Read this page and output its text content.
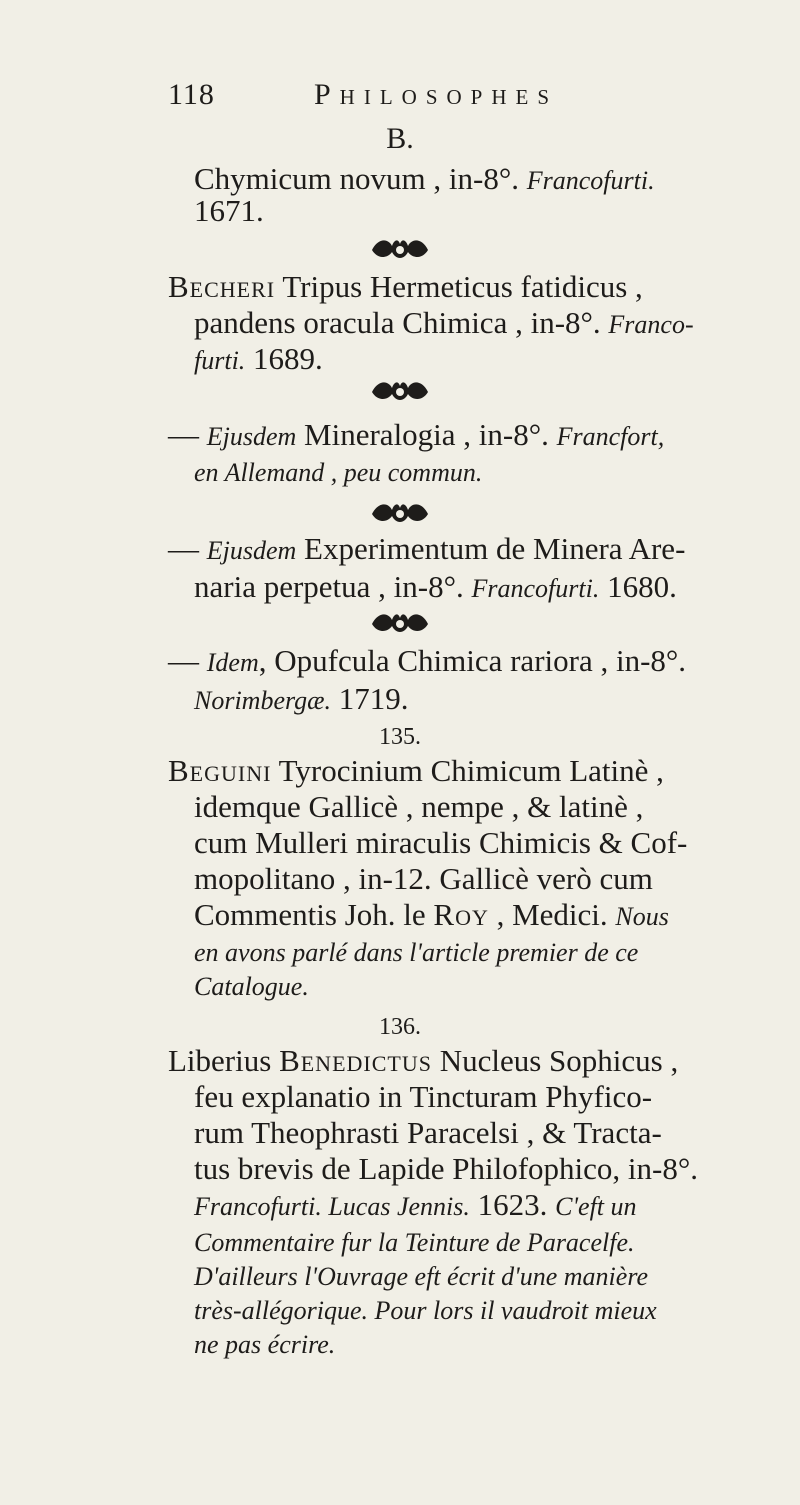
118	Philosophes
B.
Chymicum novum , in-8°. Francofurti.
1671.
Becheri Tripus Hermeticus fatidicus ,
pandens oracula Chimica , in-8°. Franco-
furti. 1689.
— Ejusdem Mineralogia , in-8°. Francfort,
en Allemand , peu commun.
— Ejusdem Experimentum de Minera Are-
naria perpetua , in-8°. Francofurti. 1680.
— Idem, Opufcula Chimica rariora , in-8°.
Norimbergæ. 1719.
135.
Beguini Tyrocinium Chimicum Latinè ,
idemque Gallicè , nempe , & latinè ,
cum Mulleri miraculis Chimicis & Cof-
mopolitano , in-12. Gallicè verò cum
Commentis Joh. le Roy , Medici. Nous
en avons parlé dans l'article premier de ce
Catalogue.
136.
Liberius Benedictus Nucleus Sophicus ,
feu explanatio in Tincturam Phyfico-
rum Theophrasti Paracelsi , & Tracta-
tus brevis de Lapide Philofophico, in-8°.
Francofurti. Lucas Jennis. 1623. C'eft un
Commentaire fur la Teinture de Paracelfe.
D'ailleurs l'Ouvrage eft écrit d'une manière
très-allégorique. Pour lors il vaudroit mieux
ne pas écrire.
